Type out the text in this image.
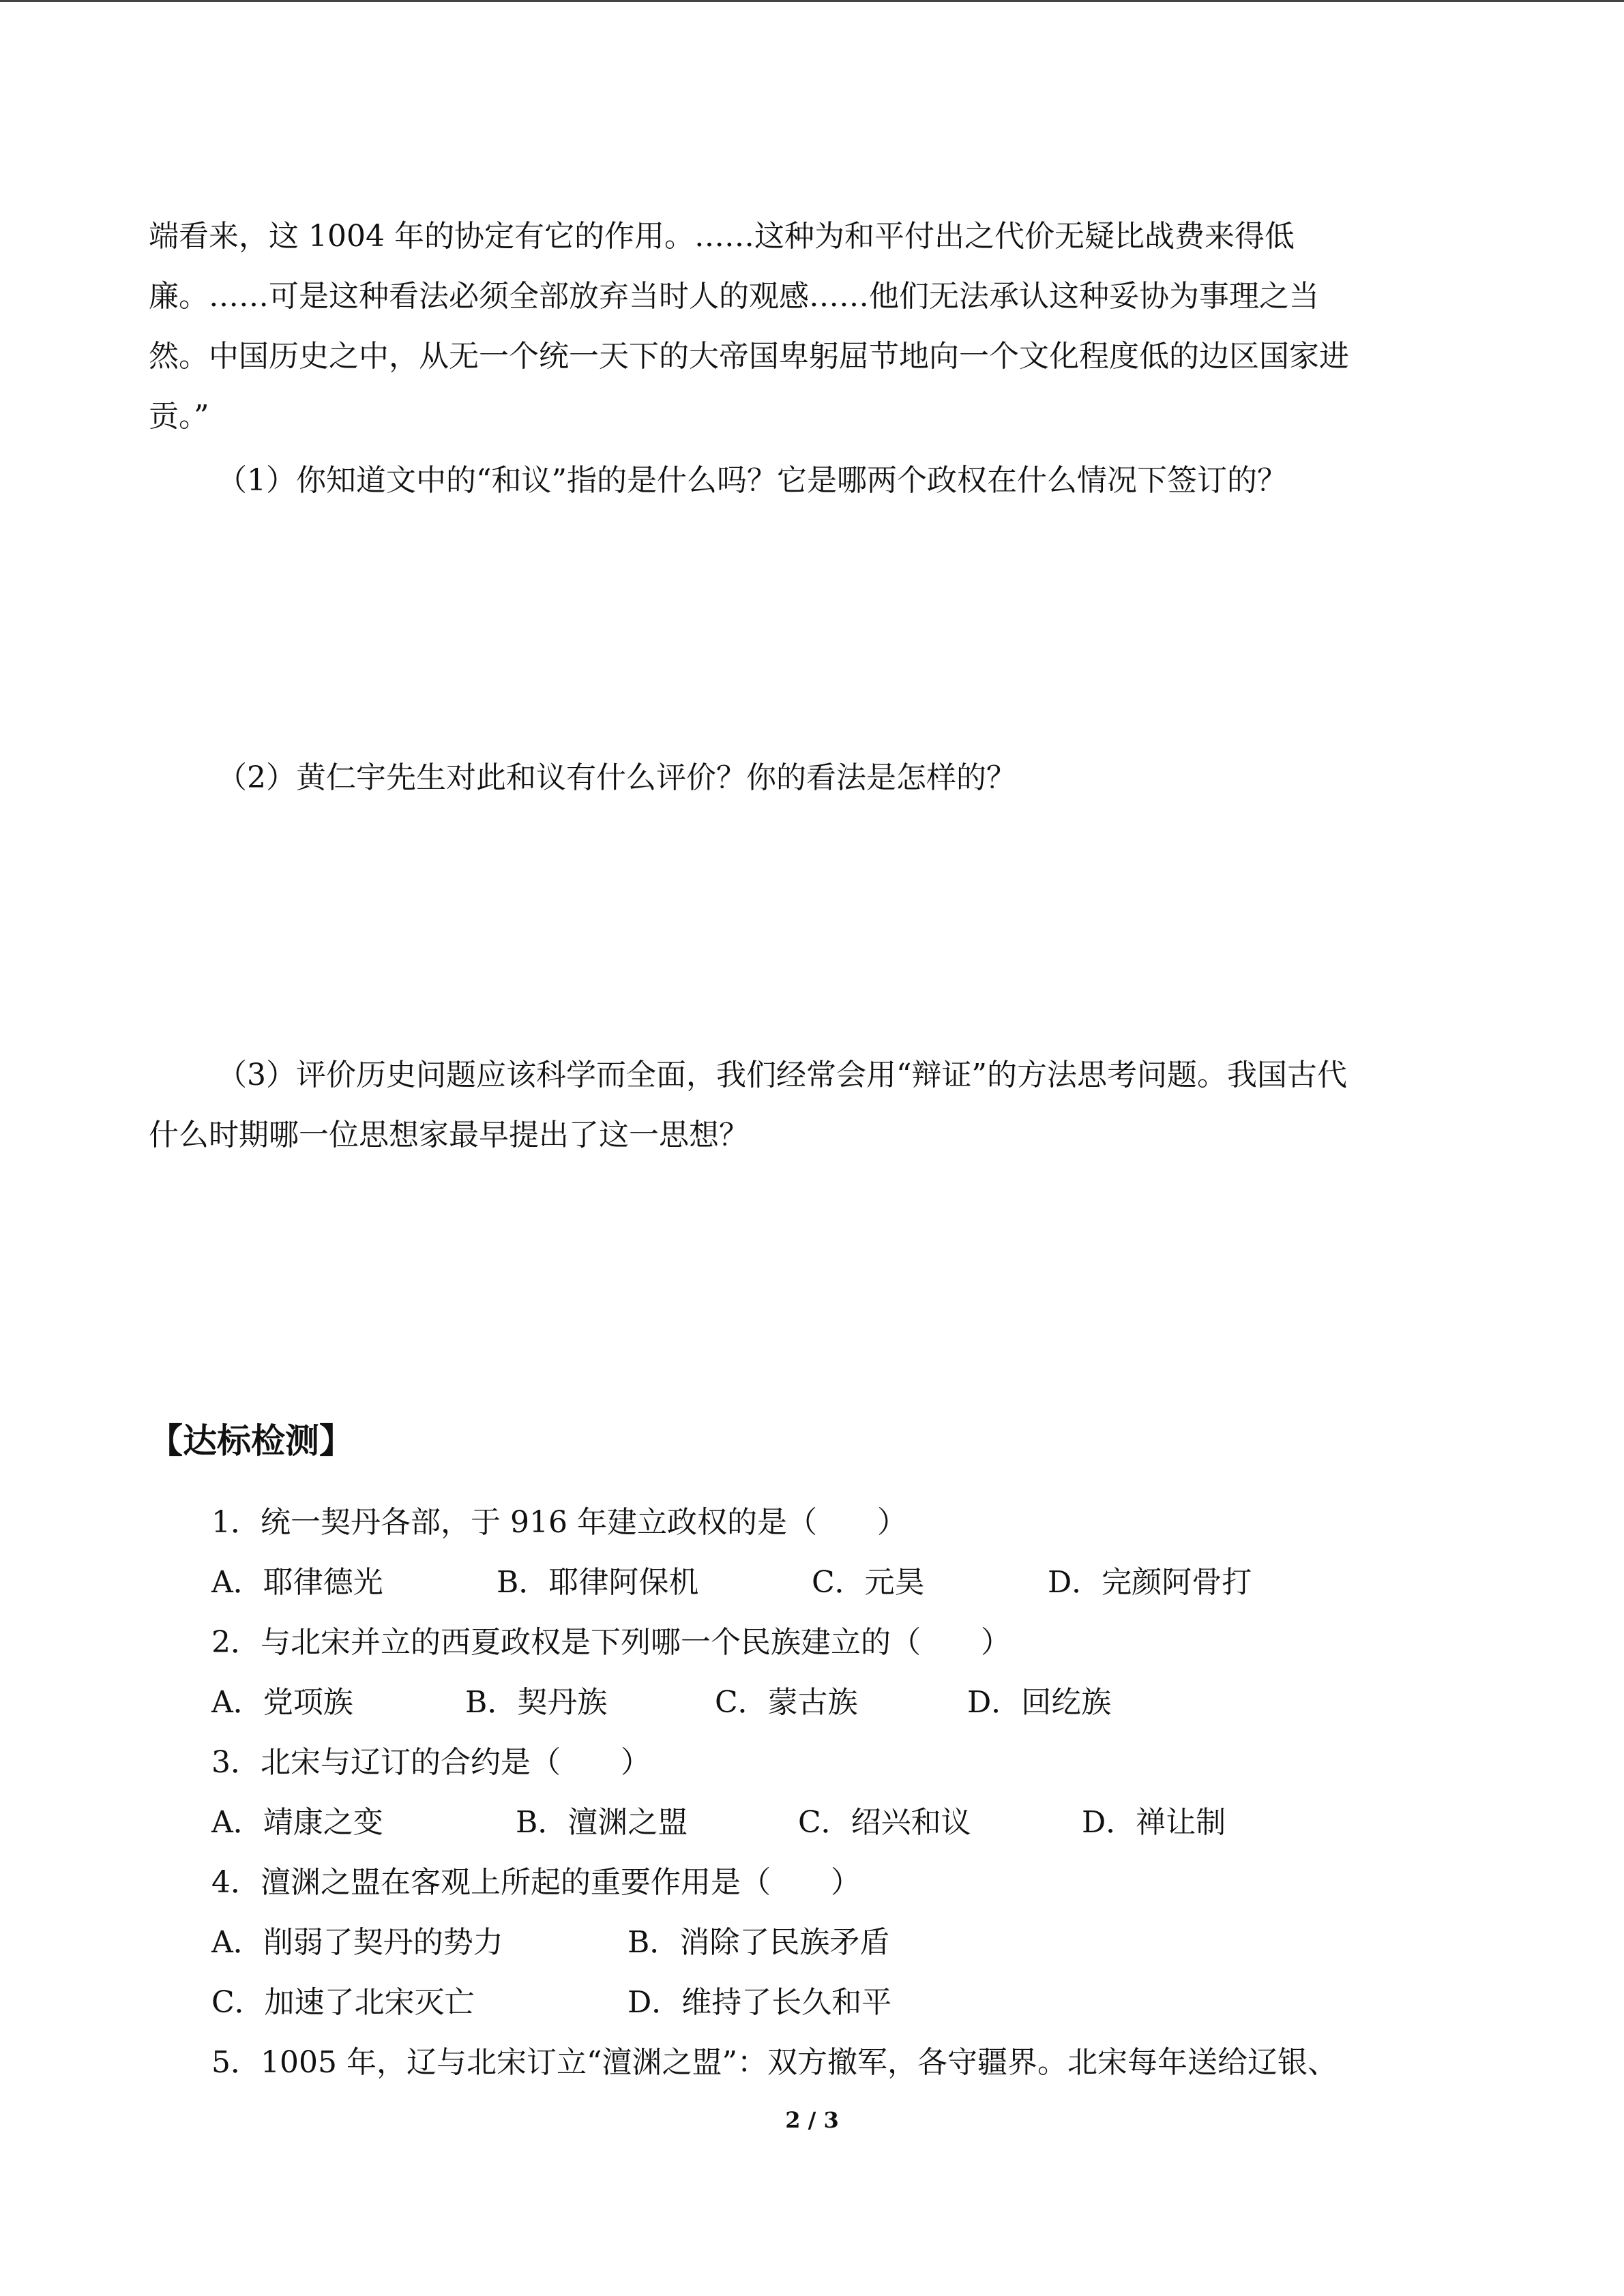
端看来，这 1004 年的协定有它的作用。……这种为和平付出之代价无疑比战费来得低
廉。……可是这种看法必须全部放弃当时人的观感……他们无法承认这种妥协为事理之当
然。中国历史之中，从无一个统一天下的大帝国卑躬屈节地向一个文化程度低的边区国家进
贡。”
（1）你知道文中的“和议”指的是什么吗？它是哪两个政权在什么情况下签订的？
（2）黄仁宇先生对此和议有什么评价？你的看法是怎样的？
（3）评价历史问题应该科学而全面，我们经常会用“辩证”的方法思考问题。我国古代
什么时期哪一位思想家最早提出了这一思想？
【达标检测】
1．统一契丹各部，于 916 年建立政权的是（　　）
A．耶律德光	B．耶律阿保机	C．元昊	D．完颜阿骨打
2．与北宋并立的西夏政权是下列哪一个民族建立的（　　）
A．党项族	B．契丹族	C．蒙古族	D．回纥族
3．北宋与辽订的合约是（　　）
A．靖康之变	B．澶渊之盟	C．绍兴和议	D．禅让制
4．澶渊之盟在客观上所起的重要作用是（　　）
A．削弱了契丹的势力	B．消除了民族矛盾
C．加速了北宋灭亡	D．维持了长久和平
5．1005 年，辽与北宋订立“澶渊之盟”：双方撤军，各守疆界。北宋每年送给辽银、
2 / 3
